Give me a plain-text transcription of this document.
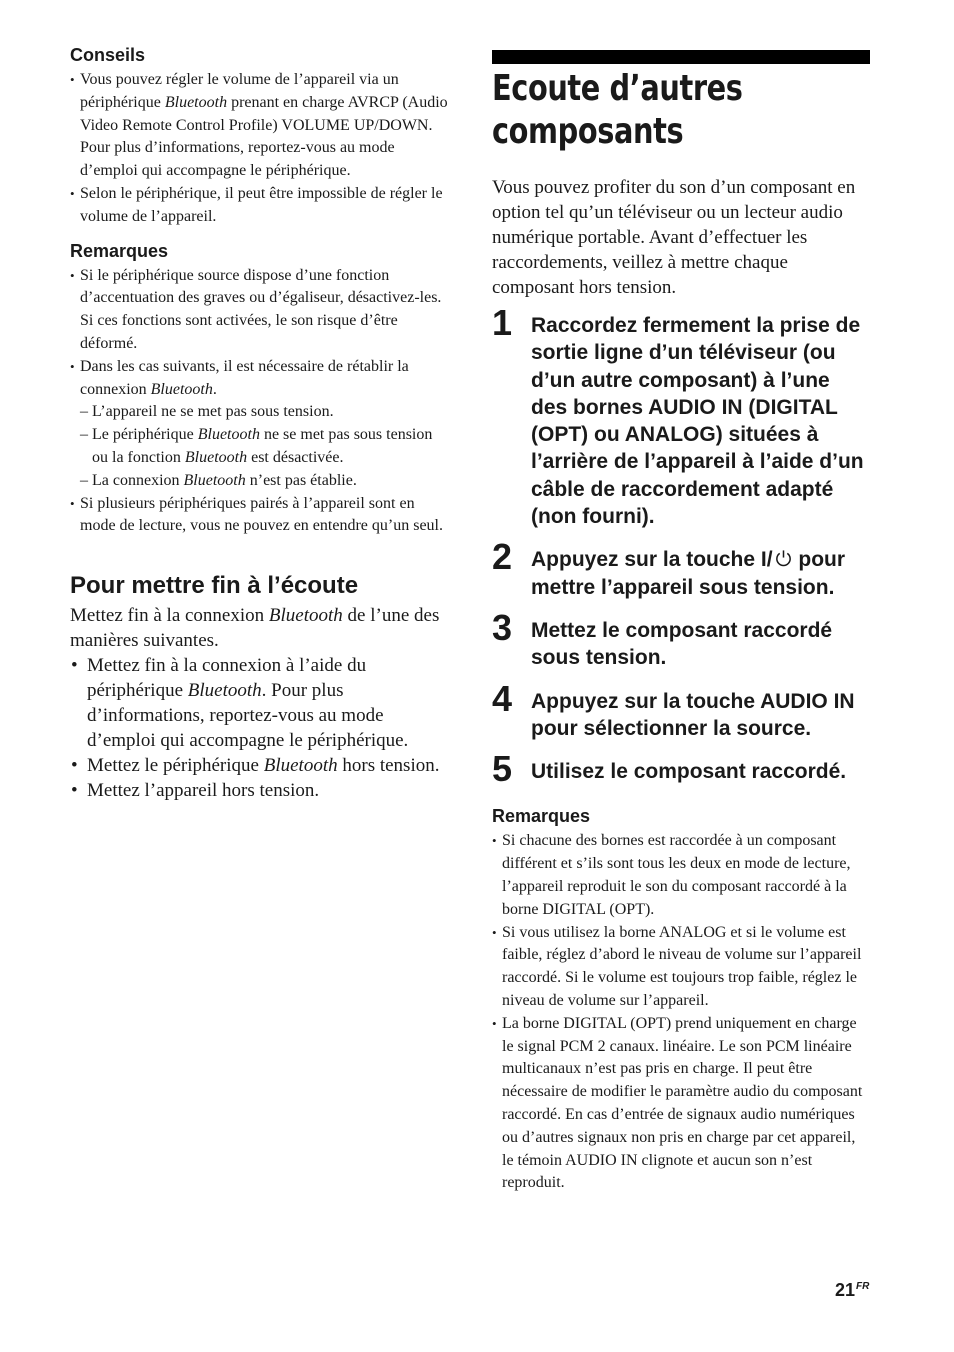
Conseils
• Vous pouvez régler le volume de l’appareil via un périphérique Bluetooth prenant en charge AVRCP (Audio Video Remote Control Profile) VOLUME UP/DOWN. Pour plus d’informations, reportez-vous au mode d’emploi qui accompagne le périphérique.
• Selon le périphérique, il peut être impossible de régler le volume de l’appareil.
Remarques
• Si le périphérique source dispose d’une fonction d’accentuation des graves ou d’égaliseur, désactivez-les. Si ces fonctions sont activées, le son risque d’être déformé.
• Dans les cas suivants, il est nécessaire de rétablir la connexion Bluetooth.
– L’appareil ne se met pas sous tension.
– Le périphérique Bluetooth ne se met pas sous tension ou la fonction Bluetooth est désactivée.
– La connexion Bluetooth n’est pas établie.
• Si plusieurs périphériques pairés à l’appareil sont en mode de lecture, vous ne pouvez en entendre qu’un seul.
Pour mettre fin à l’écoute

Mettez fin à la connexion Bluetooth de l’une des manières suivantes.

• Mettez fin à la connexion à l’aide du périphérique Bluetooth. Pour plus d’informations, reportez-vous au mode d’emploi qui accompagne le périphérique.
• Mettez le périphérique Bluetooth hors tension.
• Mettez l’appareil hors tension.
Ecoute d’autres
composants

Vous pouvez profiter du son d’un composant en option tel qu’un téléviseur ou un lecteur audio numérique portable. Avant d’effectuer les raccordements, veillez à mettre chaque composant hors tension.

1 Raccordez fermement la prise de sortie ligne d’un téléviseur (ou d’un autre composant) à l’une des bornes AUDIO IN (DIGITAL (OPT) ou ANALOG) situées à l’arrière de l’appareil à l’aide d’un câble de raccordement adapté (non fourni).
2 Appuyez sur la touche I/ pour mettre l’appareil sous tension.
3 Mettez le composant raccordé sous tension.
4 Appuyez sur la touche AUDIO IN pour sélectionner la source.
5 Utilisez le composant raccordé.
Remarques
• Si chacune des bornes est raccordée à un composant différent et s’ils sont tous les deux en mode de lecture, l’appareil reproduit le son du composant raccordé à la borne DIGITAL (OPT).
• Si vous utilisez la borne ANALOG et si le volume est faible, réglez d’abord le niveau de volume sur l’appareil raccordé. Si le volume est toujours trop faible, réglez le niveau de volume sur l’appareil.
• La borne DIGITAL (OPT) prend uniquement en charge le signal PCM 2 canaux. linéaire. Le son PCM linéaire multicanaux n’est pas pris en charge. Il peut être nécessaire de modifier le paramètre audio du composant raccordé. En cas d’entrée de signaux audio numériques ou d’autres signaux non pris en charge par cet appareil, le témoin AUDIO IN clignote et aucun son n’est reproduit.
$21^{FR}$
